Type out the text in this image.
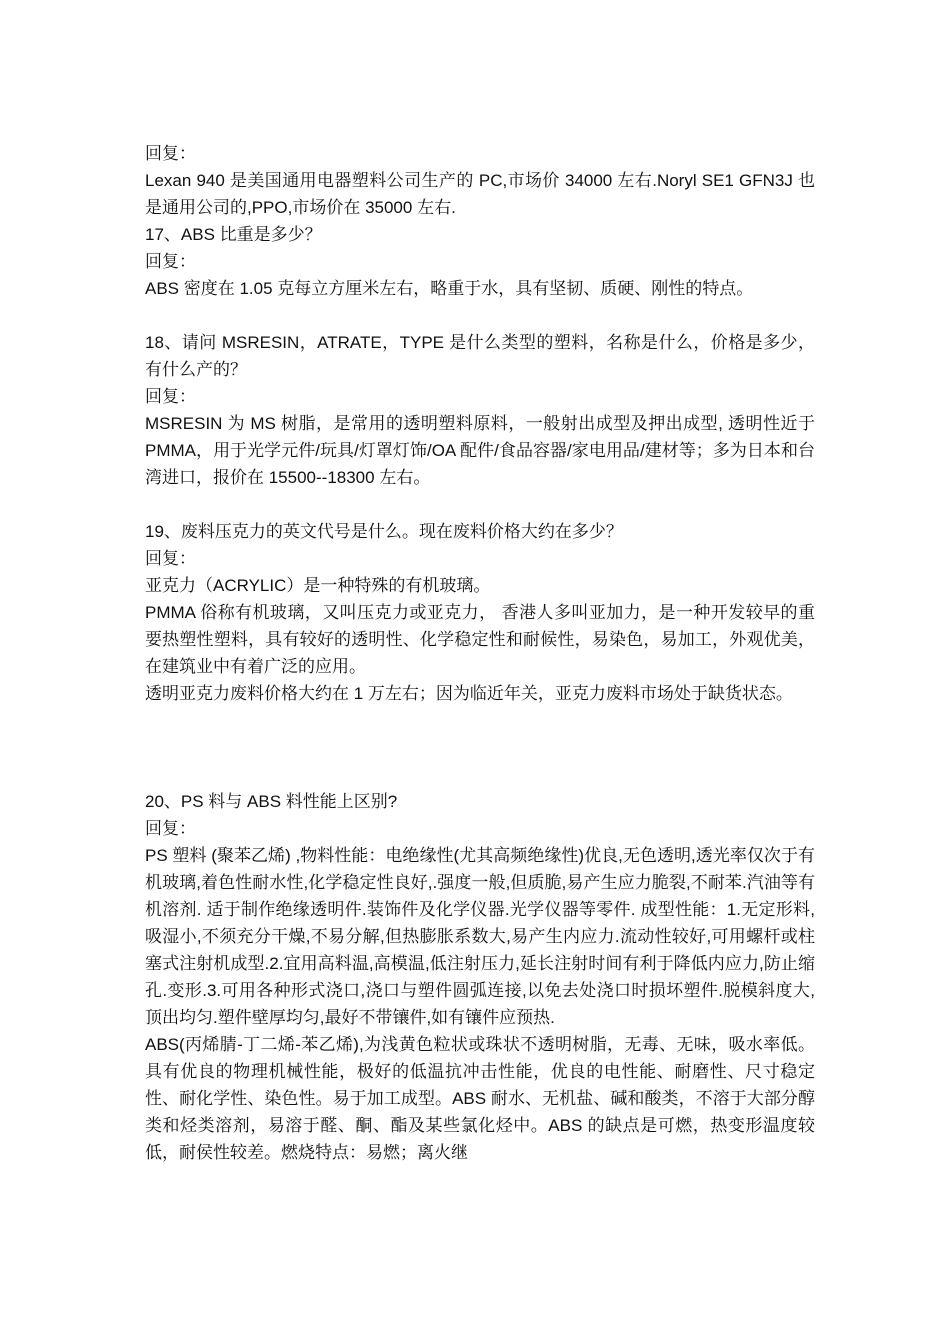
回复：

Lexan 940 是美国通用电器塑料公司生产的 PC,市场价 34000 左右.Noryl SE1 GFN3J 也是通用公司的,PPO,市场价在 35000 左右.

17、ABS 比重是多少？

回复：

ABS 密度在 1.05 克每立方厘米左右，略重于水，具有坚韧、质硬、刚性的特点。

18、请问 MSRESIN，ATRATE，TYPE 是什么类型的塑料，名称是什么，价格是多少，有什么产的？

回复：

MSRESIN 为 MS 树脂，是常用的透明塑料原料，一般射出成型及押出成型, 透明性近于 PMMA，用于光学元件/玩具/灯罩灯饰/OA 配件/食品容器/家电用品/建材等；多为日本和台湾进口，报价在 15500--18300 左右。

19、废料压克力的英文代号是什么。现在废料价格大约在多少？

回复：

亚克力（ACRYLIC）是一种特殊的有机玻璃。

PMMA 俗称有机玻璃，又叫压克力或亚克力， 香港人多叫亚加力，是一种开发较早的重要热塑性塑料，具有较好的透明性、化学稳定性和耐候性，易染色，易加工，外观优美，在建筑业中有着广泛的应用。

透明亚克力废料价格大约在 1 万左右；因为临近年关，亚克力废料市场处于缺货状态。

20、PS 料与 ABS 料性能上区别?

回复：

PS 塑料 (聚苯乙烯) ,物料性能：电绝缘性(尤其高频绝缘性)优良,无色透明,透光率仅次于有机玻璃,着色性耐水性,化学稳定性良好,.强度一般,但质脆,易产生应力脆裂,不耐苯.汽油等有机溶剂. 适于制作绝缘透明件.装饰件及化学仪器.光学仪器等零件. 成型性能：1.无定形料,吸湿小,不须充分干燥,不易分解,但热膨胀系数大,易产生内应力.流动性较好,可用螺杆或柱塞式注射机成型.2.宜用高料温,高模温,低注射压力,延长注射时间有利于降低内应力,防止缩孔.变形.3.可用各种形式浇口,浇口与塑件圆弧连接,以免去处浇口时损坏塑件.脱模斜度大,顶出均匀.塑件壁厚均匀,最好不带镶件,如有镶件应预热.

ABS(丙烯腈-丁二烯-苯乙烯),为浅黄色粒状或珠状不透明树脂，无毒、无味，吸水率低。具有优良的物理机械性能，极好的低温抗冲击性能，优良的电性能、耐磨性、尺寸稳定性、耐化学性、染色性。易于加工成型。ABS 耐水、无机盐、碱和酸类，不溶于大部分醇类和烃类溶剂，易溶于醛、酮、酯及某些氯化烃中。ABS 的缺点是可燃，热变形温度较低，耐侯性较差。燃烧特点：易燃；离火继
